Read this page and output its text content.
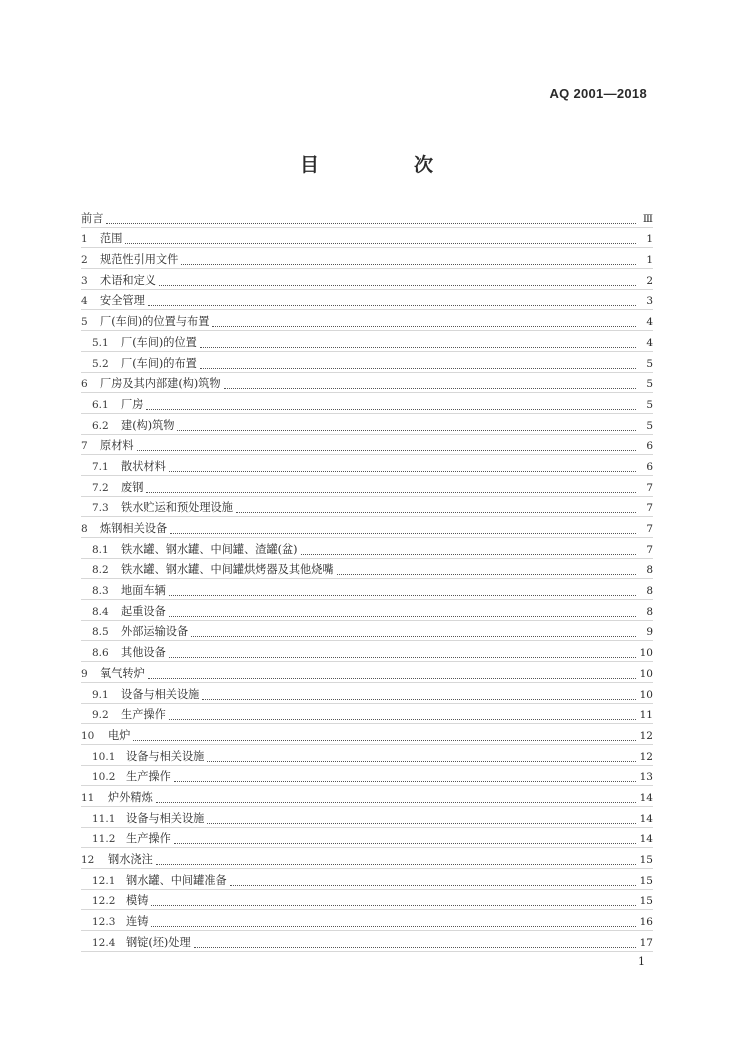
AQ 2001—2018
目　次
前言	Ⅲ
1	范围	1
2	规范性引用文件	1
3	术语和定义	2
4	安全管理	3
5	厂(车间)的位置与布置	4
5.1	厂(车间)的位置	4
5.2	厂(车间)的布置	5
6	厂房及其内部建(构)筑物	5
6.1	厂房	5
6.2	建(构)筑物	5
7	原材料	6
7.1	散状材料	6
7.2	废钢	7
7.3	铁水贮运和预处理设施	7
8	炼钢相关设备	7
8.1	铁水罐、钢水罐、中间罐、渣罐(盆)	7
8.2	铁水罐、钢水罐、中间罐烘烤器及其他烧嘴	8
8.3	地面车辆	8
8.4	起重设备	8
8.5	外部运输设备	9
8.6	其他设备	10
9	氧气转炉	10
9.1	设备与相关设施	10
9.2	生产操作	11
10	电炉	12
10.1 设备与相关设施	12
10.2 生产操作	13
11	炉外精炼	14
11.1 设备与相关设施	14
11.2 生产操作	14
12	钢水浇注	15
12.1 钢水罐、中间罐准备	15
12.2 模铸	15
12.3 连铸	16
12.4 钢锭(坯)处理	17
1
